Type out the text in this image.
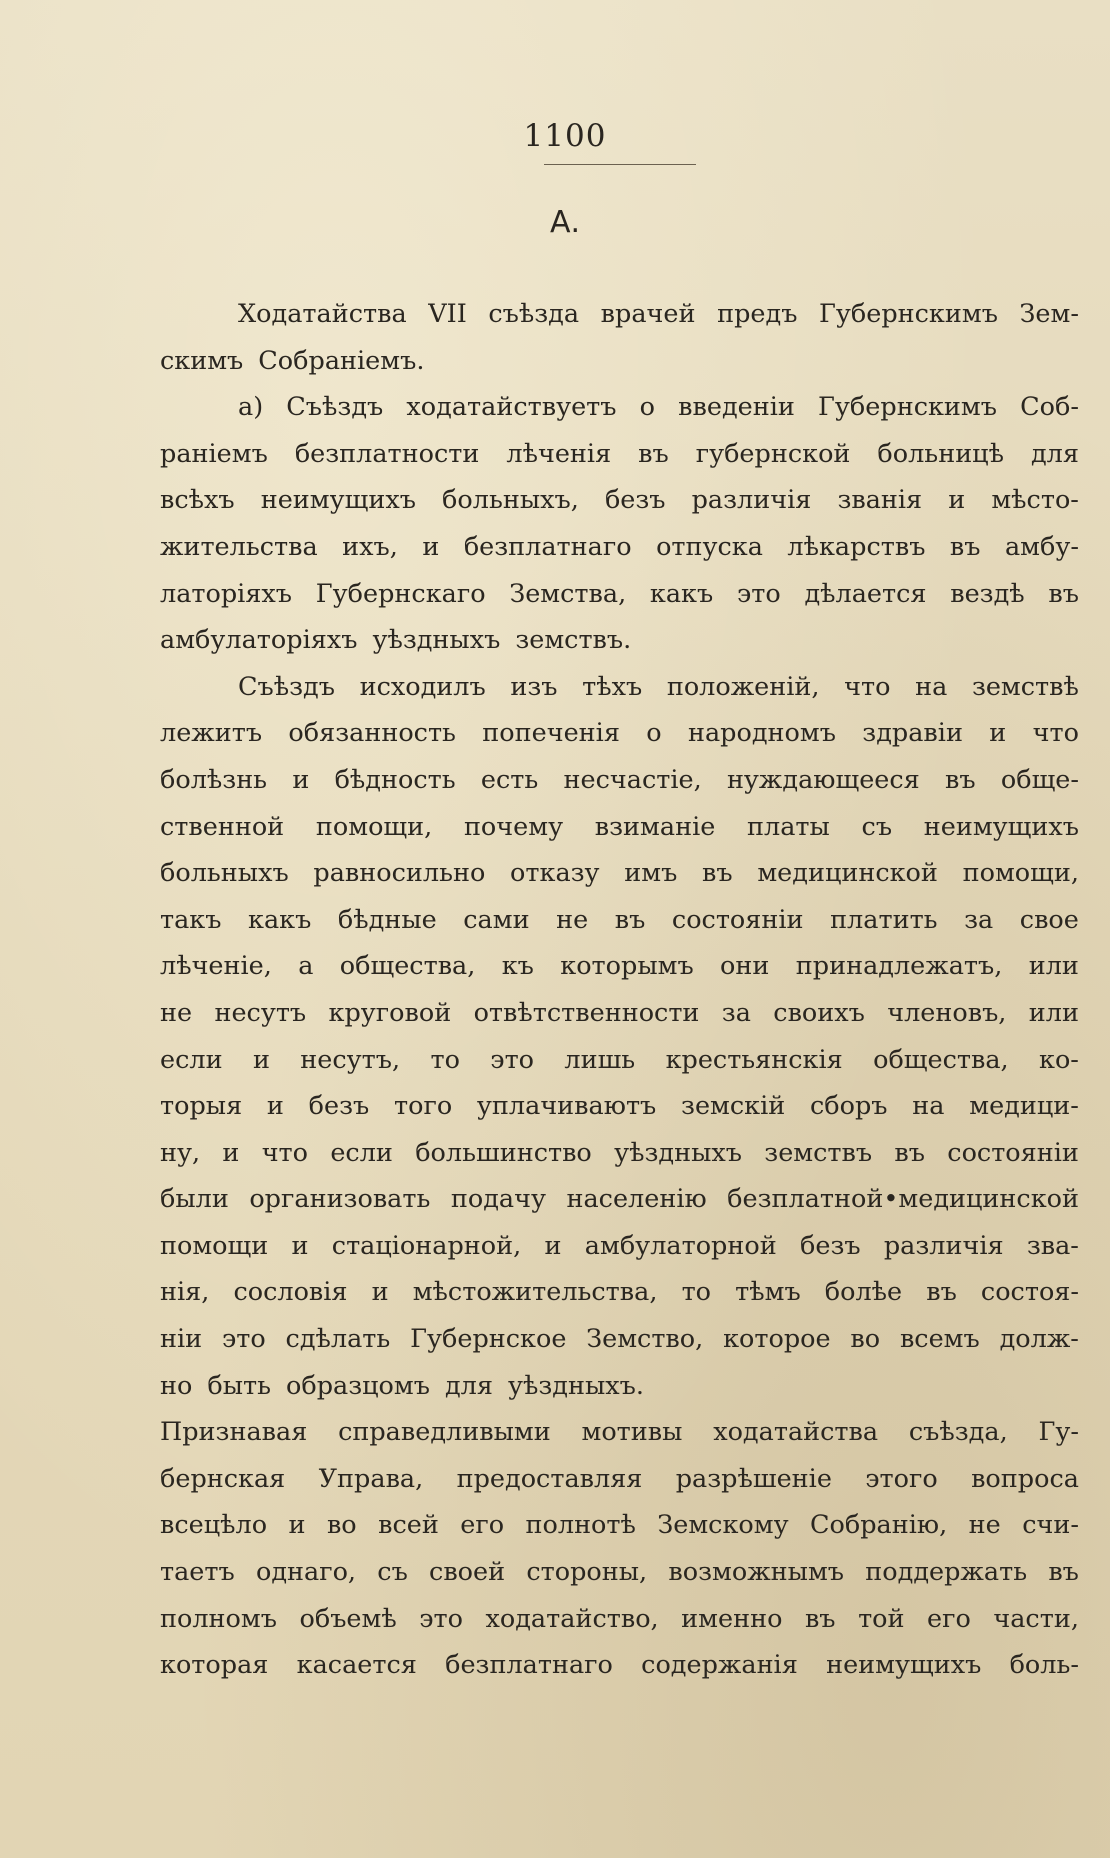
1100
А.
Ходатайства VII съѣзда врачей предъ Губернскимъ Зем-
скимъ Собраніемъ.
а) Съѣздъ ходатайствуетъ о введеніи Губернскимъ Соб-
раніемъ безплатности лѣченія въ губернской больницѣ для
всѣхъ неимущихъ больныхъ, безъ различія званія и мѣсто-
жительства ихъ, и безплатнаго отпуска лѣкарствъ въ амбу-
латоріяхъ Губернскаго Земства, какъ это дѣлается вездѣ въ
амбулаторіяхъ уѣздныхъ земствъ.
Съѣздъ исходилъ изъ тѣхъ положеній, что на земствѣ
лежитъ обязанность попеченія о народномъ здравіи и что
болѣзнь и бѣдность есть несчастіе, нуждающееся въ обще-
ственной помощи, почему взиманіе платы съ неимущихъ
больныхъ равносильно отказу имъ въ медицинской помощи,
такъ какъ бѣдные сами не въ состояніи платить за свое
лѣченіе, а общества, къ которымъ они принадлежатъ, или
не несутъ круговой отвѣтственности за своихъ членовъ, или
если и несутъ, то это лишь крестьянскія общества, ко-
торыя и безъ того уплачиваютъ земскій сборъ на медици-
ну, и что если большинство уѣздныхъ земствъ въ состояніи
были организовать подачу населенію безплатной•медицинской
помощи и стаціонарной, и амбулаторной безъ различія зва-
нія, сословія и мѣстожительства, то тѣмъ болѣе въ состоя-
ніи это сдѣлать Губернское Земство, которое во всемъ долж-
но быть образцомъ для уѣздныхъ.
Признавая справедливыми мотивы ходатайства съѣзда, Гу-
бернская Управа, предоставляя разрѣшеніе этого вопроса
всецѣло и во всей его полнотѣ Земскому Собранію, не счи-
таетъ однаго, съ своей стороны, возможнымъ поддержать въ
полномъ объемѣ это ходатайство, именно въ той его части,
которая касается безплатнаго содержанія неимущихъ боль-
